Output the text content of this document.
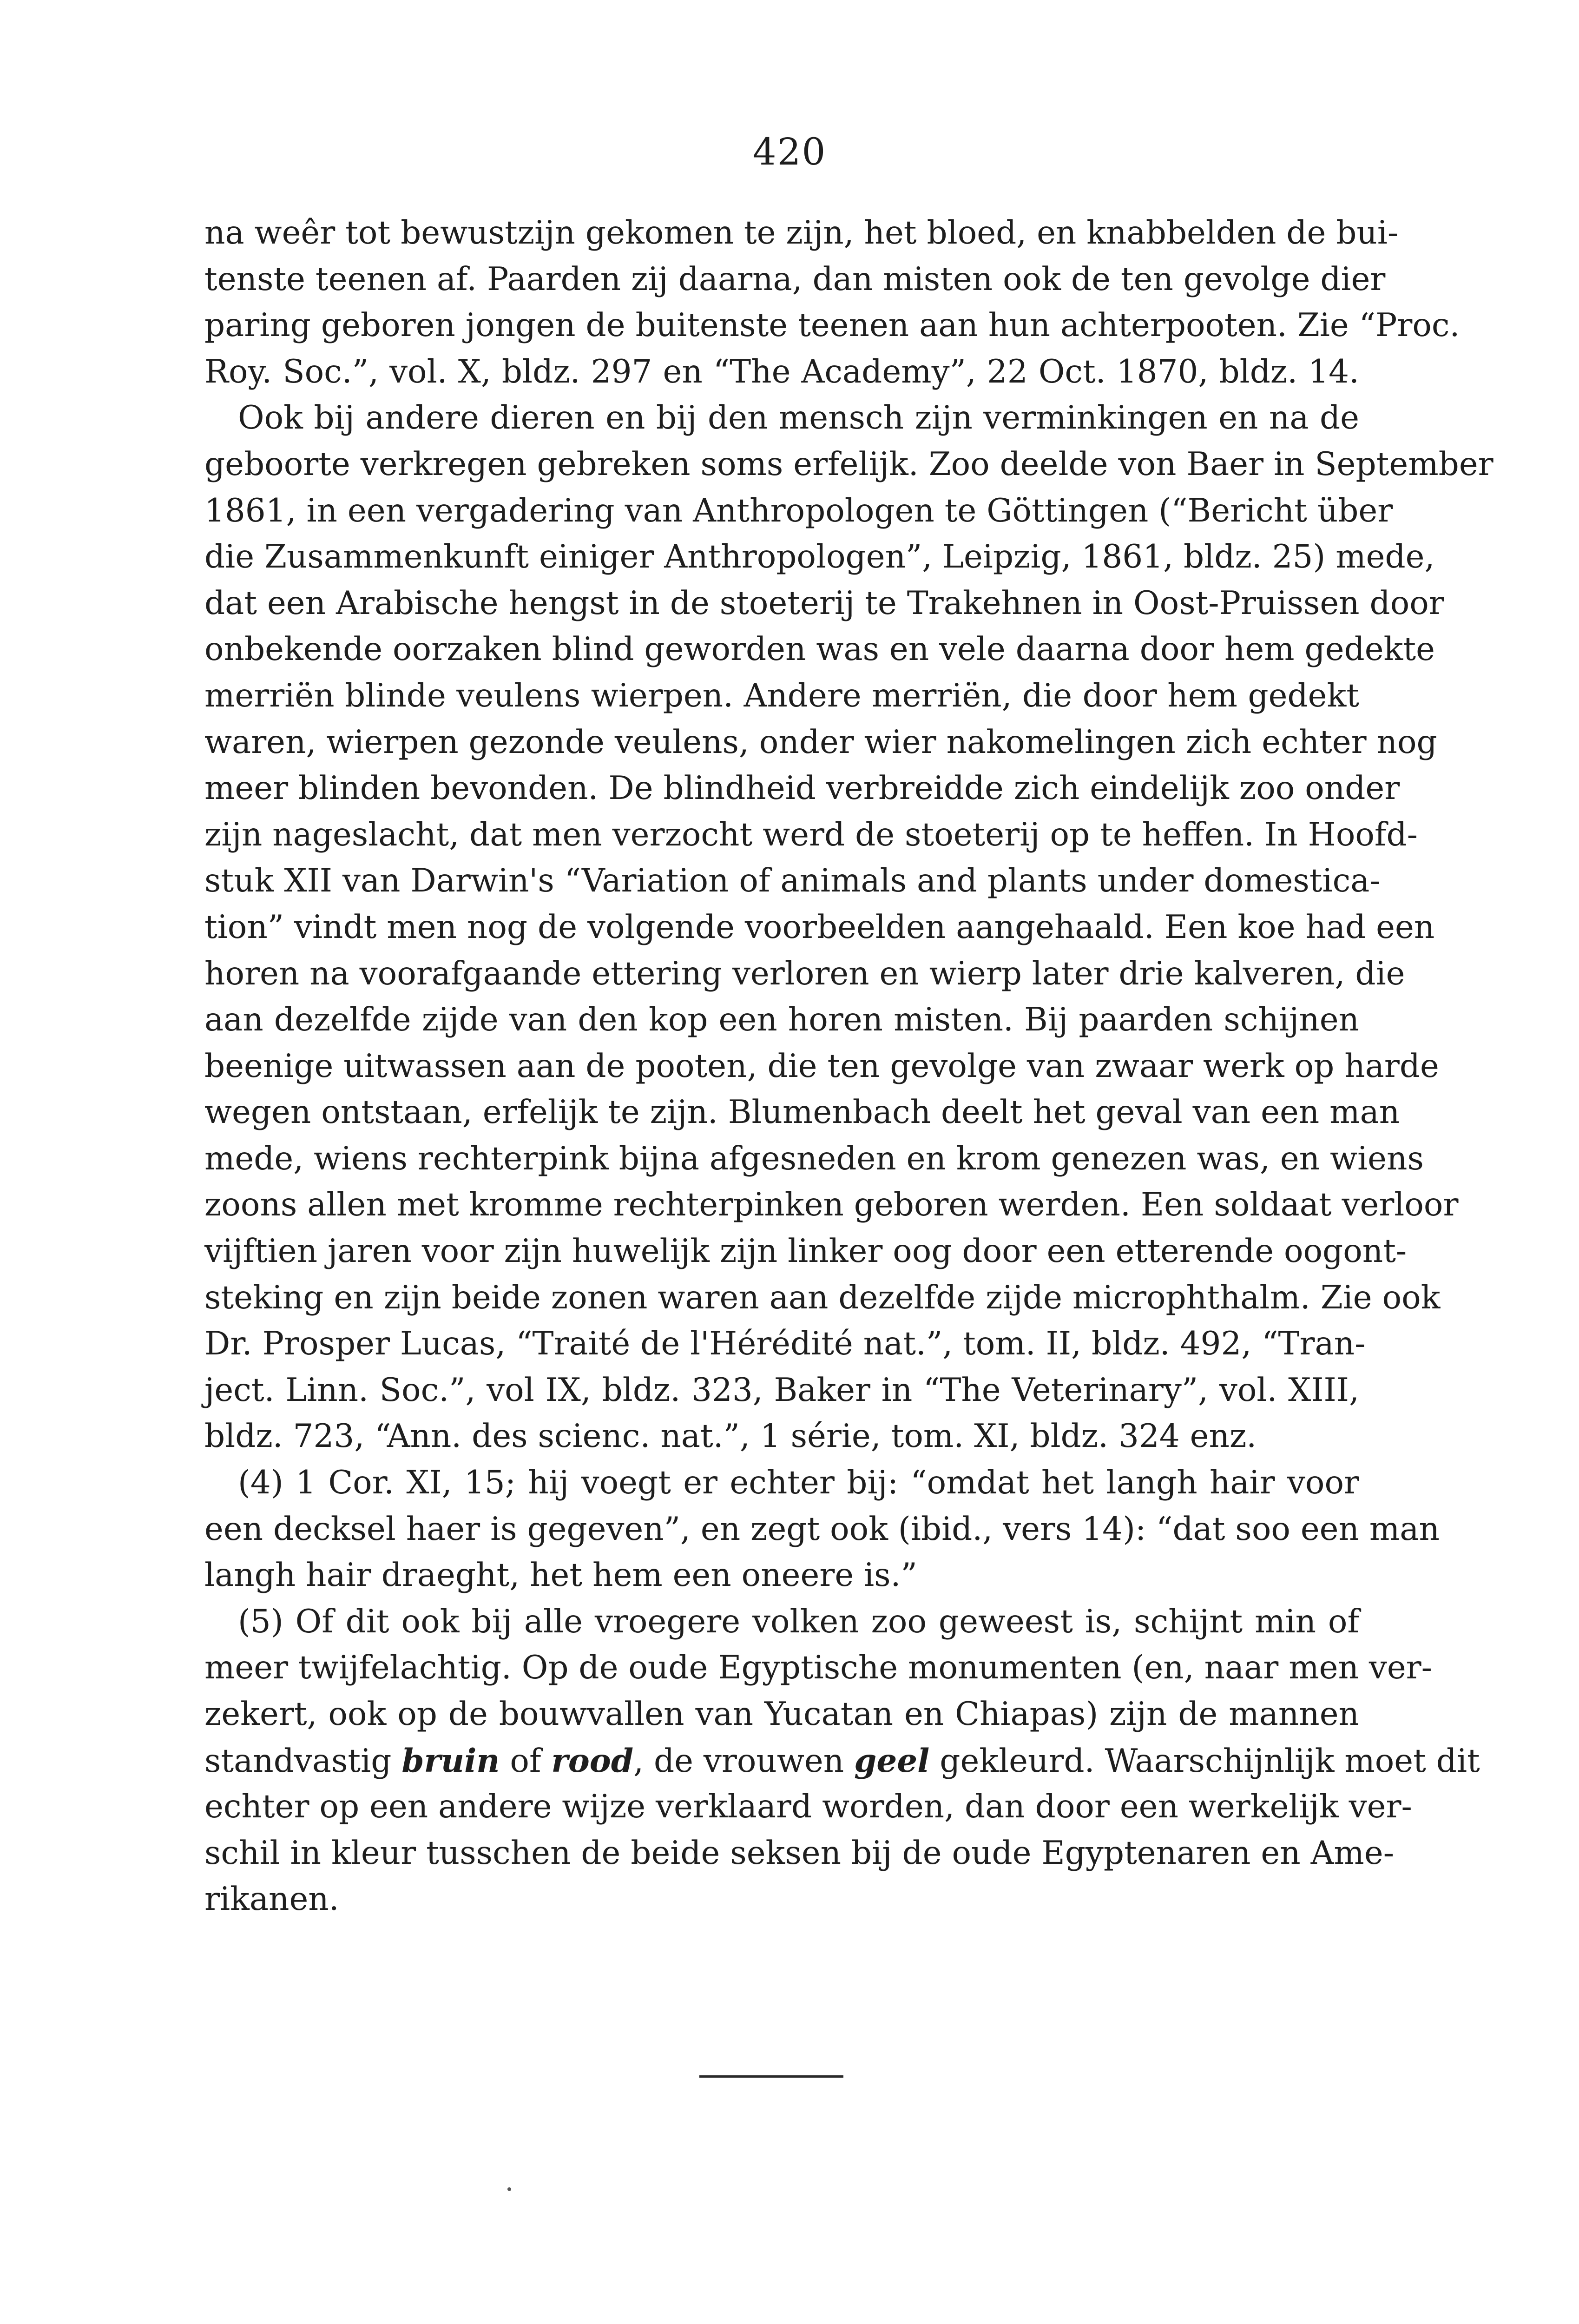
420
na weêr tot bewustzijn gekomen te zijn, het bloed, en knabbelden de bui-
tenste teenen af. Paarden zij daarna, dan misten ook de ten gevolge dier
paring geboren jongen de buitenste teenen aan hun achterpooten. Zie “Proc.
Roy. Soc.”, vol. X, bldz. 297 en “The Academy”, 22 Oct. 1870, bldz. 14.
Ook bij andere dieren en bij den mensch zijn verminkingen en na de
geboorte verkregen gebreken soms erfelijk. Zoo deelde von Baer in September
1861, in een vergadering van Anthropologen te Göttingen (“Bericht über
die Zusammenkunft einiger Anthropologen”, Leipzig, 1861, bldz. 25) mede,
dat een Arabische hengst in de stoeterij te Trakehnen in Oost-Pruissen door
onbekende oorzaken blind geworden was en vele daarna door hem gedekte
merriën blinde veulens wierpen. Andere merriën, die door hem gedekt
waren, wierpen gezonde veulens, onder wier nakomelingen zich echter nog
meer blinden bevonden. De blindheid verbreidde zich eindelijk zoo onder
zijn nageslacht, dat men verzocht werd de stoeterij op te heffen. In Hoofd-
stuk XII van Darwin's “Variation of animals and plants under domestica-
tion” vindt men nog de volgende voorbeelden aangehaald. Een koe had een
horen na voorafgaande ettering verloren en wierp later drie kalveren, die
aan dezelfde zijde van den kop een horen misten. Bij paarden schijnen
beenige uitwassen aan de pooten, die ten gevolge van zwaar werk op harde
wegen ontstaan, erfelijk te zijn. Blumenbach deelt het geval van een man
mede, wiens rechterpink bijna afgesneden en krom genezen was, en wiens
zoons allen met kromme rechterpinken geboren werden. Een soldaat verloor
vijftien jaren voor zijn huwelijk zijn linker oog door een etterende oogont-
steking en zijn beide zonen waren aan dezelfde zijde microphthalm. Zie ook
Dr. Prosper Lucas, “Traité de l'Hérédité nat.”, tom. II, bldz. 492, “Tran-
ject. Linn. Soc.”, vol IX, bldz. 323, Baker in “The Veterinary”, vol. XIII,
bldz. 723, “Ann. des scienc. nat.”, 1 série, tom. XI, bldz. 324 enz.
(4) 1 Cor. XI, 15; hij voegt er echter bij: “omdat het langh hair voor
een decksel haer is gegeven”, en zegt ook (ibid., vers 14): “dat soo een man
langh hair draeght, het hem een oneere is.”
(5) Of dit ook bij alle vroegere volken zoo geweest is, schijnt min of
meer twijfelachtig. Op de oude Egyptische monumenten (en, naar men ver-
zekert, ook op de bouwvallen van Yucatan en Chiapas) zijn de mannen
standvastig bruin of rood, de vrouwen geel gekleurd. Waarschijnlijk moet dit
echter op een andere wijze verklaard worden, dan door een werkelijk ver-
schil in kleur tusschen de beide seksen bij de oude Egyptenaren en Ame-
rikanen.
